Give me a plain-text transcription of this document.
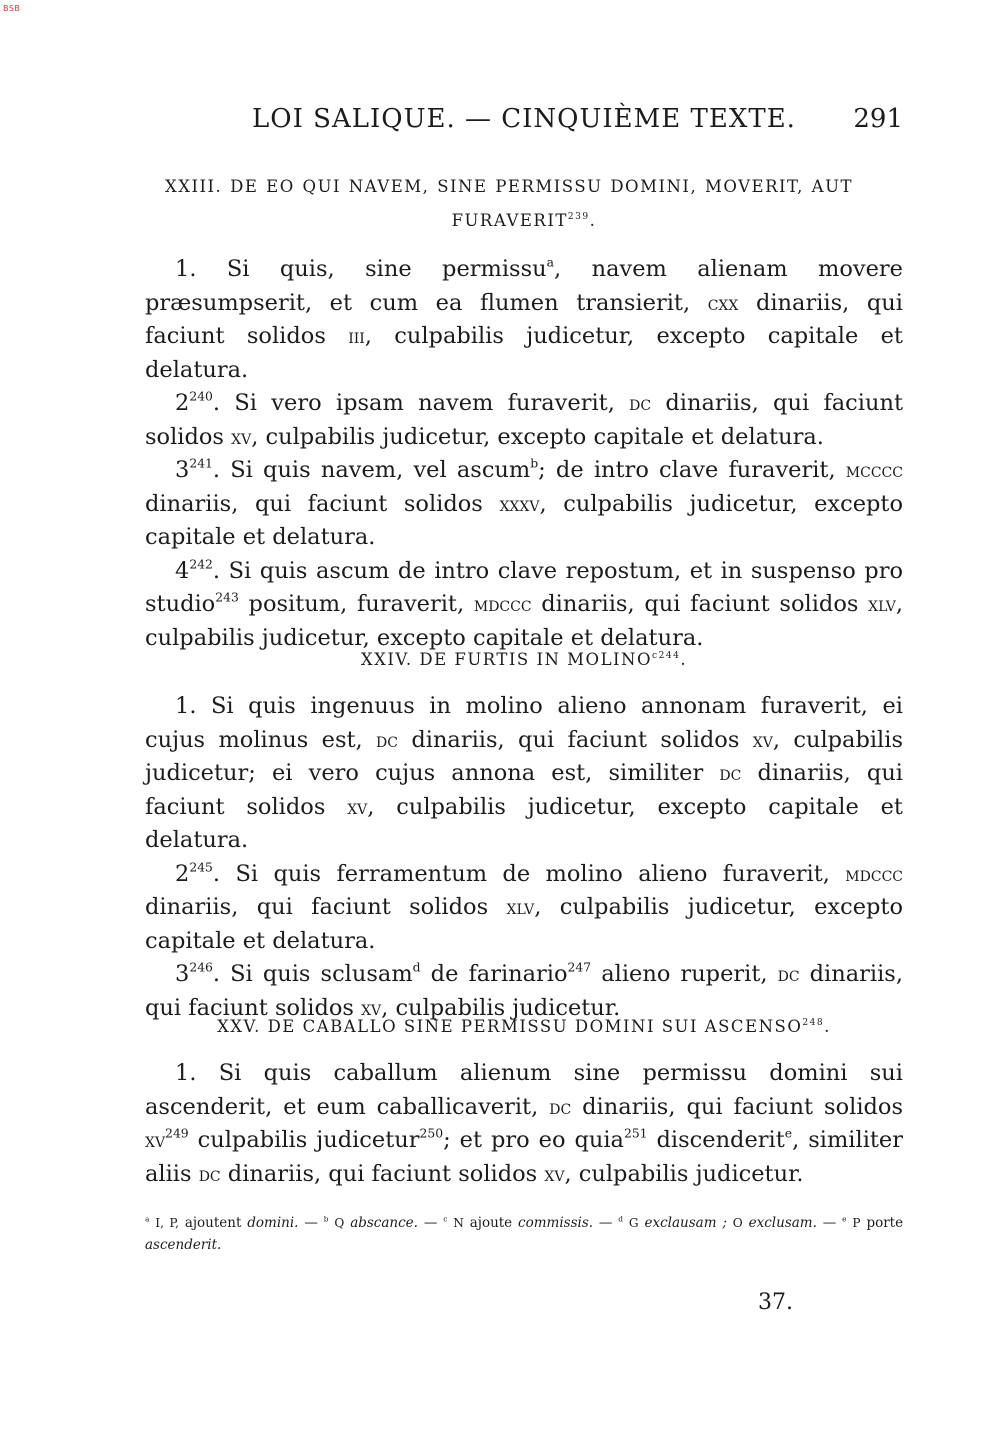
BSB
LOI SALIQUE. — CINQUIÈME TEXTE.	291
XXIII. DE EO QUI NAVEM, SINE PERMISSU DOMINI, MOVERIT, AUT
FURAVERIT$^{239}$.

1. Si quis, sine permissu$^a$, navem alienam movere præsumpserit, et cum ea flumen transierit, cxx dinariis, qui faciunt solidos iii, culpabilis judicetur, excepto capitale et delatura.

$2^{240}$. Si vero ipsam navem furaverit, dc dinariis, qui faciunt solidos xv, culpabilis judicetur, excepto capitale et delatura.

$3^{241}$. Si quis navem, vel ascum$^b$; de intro clave furaverit, mcccc dinariis, qui faciunt solidos xxxv, culpabilis judicetur, excepto capitale et delatura.

$4^{242}$. Si quis ascum de intro clave repostum, et in suspenso pro studio$^{243}$ positum, furaverit, mdccc dinariis, qui faciunt solidos xlv, culpabilis judicetur, excepto capitale et delatura.

XXIV. DE FURTIS IN $MOLINO^{c244}$.

1. Si quis ingenuus in molino alieno annonam furaverit, ei cujus molinus est, dc dinariis, qui faciunt solidos xv, culpabilis judicetur; ei vero cujus annona est, similiter dc dinariis, qui faciunt solidos xv, culpabilis judicetur, excepto capitale et delatura.

$2^{245}$. Si quis ferramentum de molino alieno furaverit, mdccc dinariis, qui faciunt solidos xlv, culpabilis judicetur, excepto capitale et delatura.

$3^{246}$. Si quis sclusam$^d$ de farinario$^{247}$ alieno ruperit, dc dinariis, qui faciunt solidos xv, culpabilis judicetur.

XXV. DE CABALLO SINE PERMISSU DOMINI SUI ASCENSO$^{248}$.

1. Si quis caballum alienum sine permissu domini sui ascenderit, et eum caballicaverit, dc dinariis, qui faciunt solidos $xv^{249}$ culpabilis judicetur$^{250}$; et pro eo quia$^{251}$ discenderit$^e$, similiter aliis dc dinariis, qui faciunt solidos xv, culpabilis judicetur.

$^a$ I, P, ajoutent domini. — $^b$ Q abscance. — $^c$ N ajoute commissis. — $^d$ G exclausam ; O exclusam. — $^e$ P porte ascenderit.
37.
